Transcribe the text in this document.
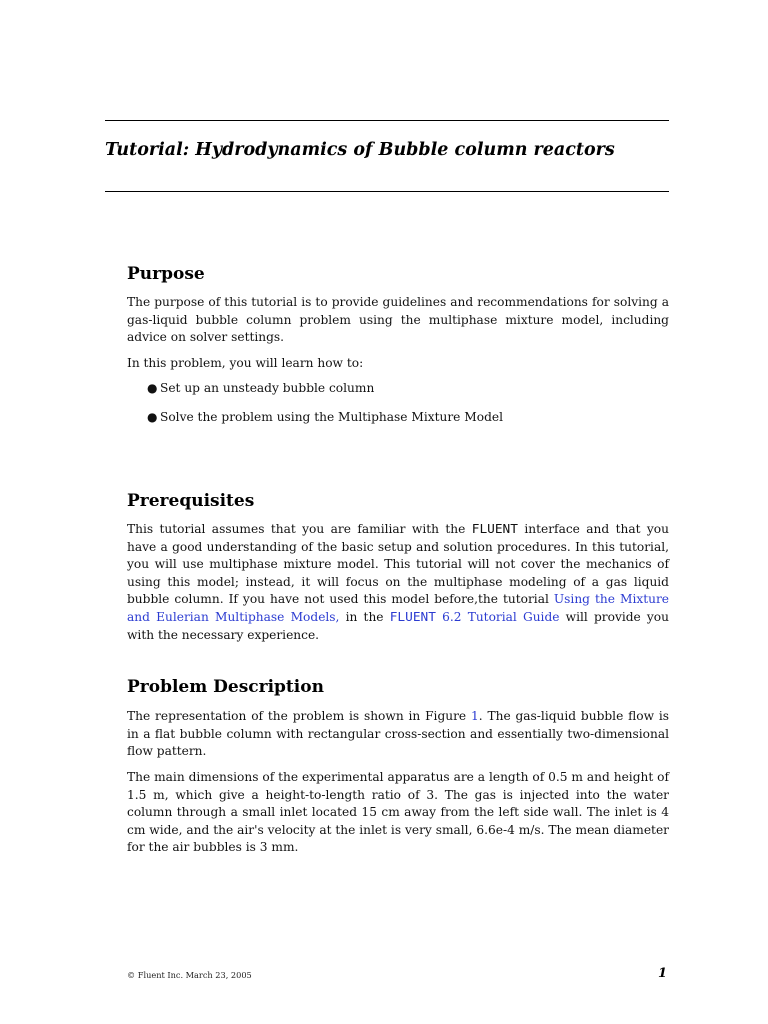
Tutorial: Hydrodynamics of Bubble column reactors
Purpose

The purpose of this tutorial is to provide guidelines and recommendations for solving a gas-liquid bubble column problem using the multiphase mixture model, including advice on solver settings.

In this problem, you will learn how to:

● Set up an unsteady bubble column
● Solve the problem using the Multiphase Mixture Model
Prerequisites

This tutorial assumes that you are familiar with the FLUENT interface and that you have a good understanding of the basic setup and solution procedures. In this tutorial, you will use multiphase mixture model. This tutorial will not cover the mechanics of using this model; instead, it will focus on the multiphase modeling of a gas liquid bubble column. If you have not used this model before,the tutorial Using the Mixture and Eulerian Multiphase Models, in the FLUENT 6.2 Tutorial Guide will provide you with the necessary experience.

Problem Description

The representation of the problem is shown in Figure 1. The gas-liquid bubble flow is in a flat bubble column with rectangular cross-section and essentially two-dimensional flow pattern.

The main dimensions of the experimental apparatus are a length of 0.5 m and height of 1.5 m, which give a height-to-length ratio of 3. The gas is injected into the water column through a small inlet located 15 cm away from the left side wall. The inlet is 4 cm wide, and the air's velocity at the inlet is very small, 6.6e-4 m/s. The mean diameter for the air bubbles is 3 mm.

© Fluent Inc. March 23, 2005	1
